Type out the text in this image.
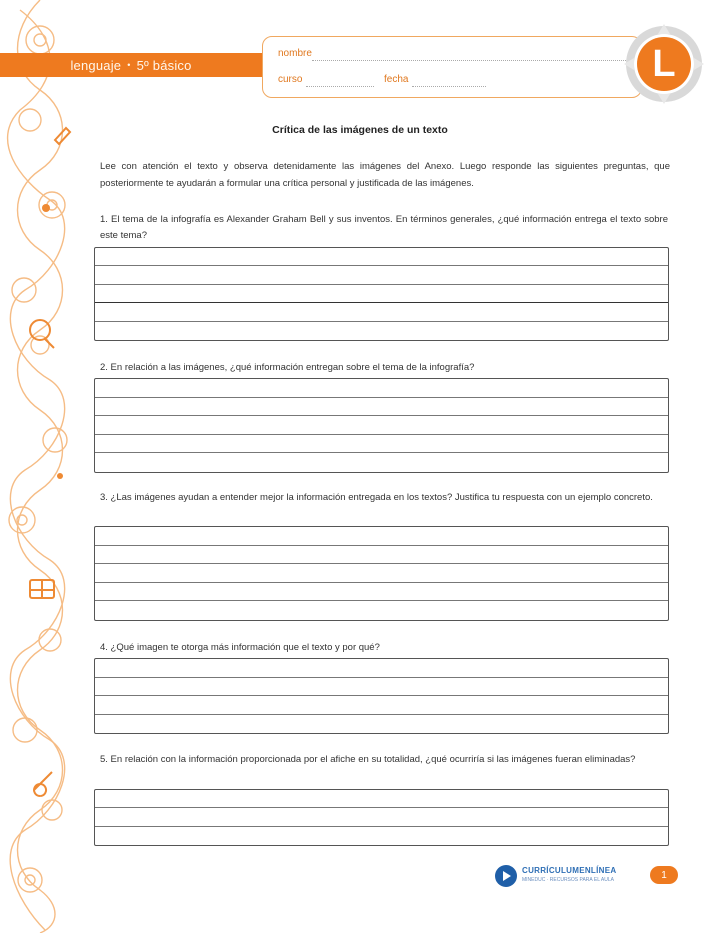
lenguaje • 5º básico
nombre
curso	fecha	L
Crítica de las imágenes de un texto
Lee con atención el texto y observa detenidamente las imágenes del Anexo. Luego responde las siguientes preguntas, que posteriormente te ayudarán a formular una crítica personal y justificada de las imágenes.
1. El tema de la infografía es Alexander Graham Bell y sus inventos. En términos generales, ¿qué información entrega el texto sobre este tema?
2. En relación a las imágenes, ¿qué información entregan sobre el tema de la infografía?
3. ¿Las imágenes ayudan a entender mejor la información entregada en los textos? Justifica tu respuesta con un ejemplo concreto.
4. ¿Qué imagen te otorga más información que el texto y por qué?
5. En relación con la información proporcionada por el afiche en su totalidad, ¿qué ocurriría si las imágenes fueran eliminadas?
CURRÍCULUMENLÍNEA
MINEDUC · RECURSOS PARA EL AULA	1
